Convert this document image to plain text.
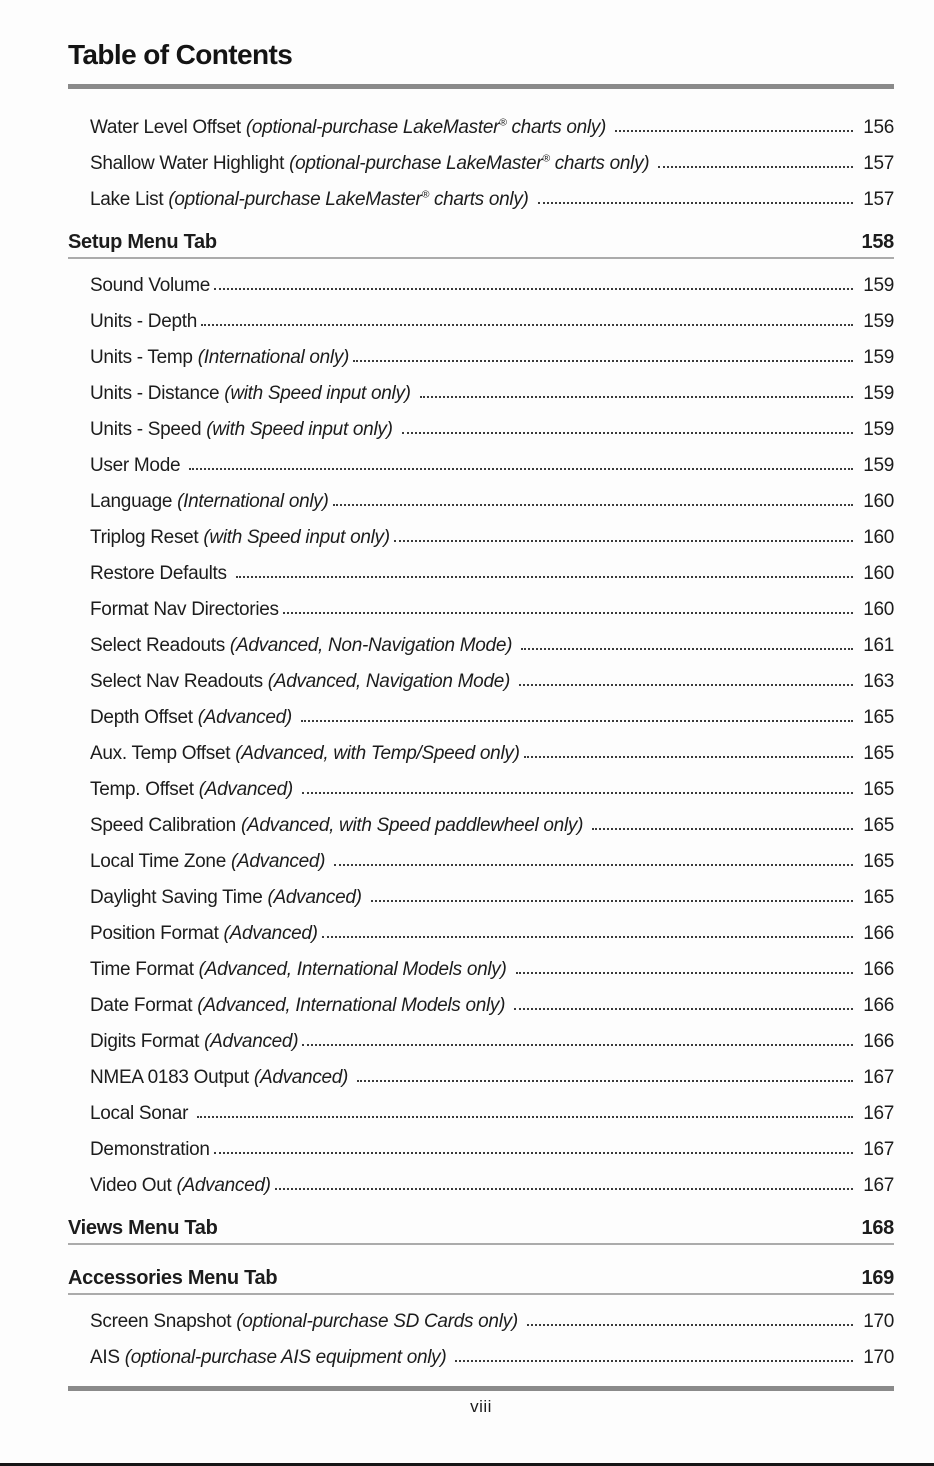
Table of Contents
Water Level Offset (optional-purchase LakeMaster® charts only)	156
Shallow Water Highlight (optional-purchase LakeMaster® charts only)	157
Lake List (optional-purchase LakeMaster® charts only)	157
Setup Menu Tab	158
Sound Volume	159
Units - Depth	159
Units - Temp (International only)	159
Units - Distance (with Speed input only)	159
Units - Speed (with Speed input only)	159
User Mode	159
Language (International only)	160
Triplog Reset (with Speed input only)	160
Restore Defaults	160
Format Nav Directories	160
Select Readouts (Advanced, Non-Navigation Mode)	161
Select Nav Readouts (Advanced, Navigation Mode)	163
Depth Offset (Advanced)	165
Aux. Temp Offset (Advanced, with Temp/Speed only)	165
Temp. Offset (Advanced)	165
Speed Calibration (Advanced, with Speed paddlewheel only)	165
Local Time Zone (Advanced)	165
Daylight Saving Time (Advanced)	165
Position Format (Advanced)	166
Time Format (Advanced, International Models only)	166
Date Format (Advanced, International Models only)	166
Digits Format (Advanced)	166
NMEA 0183 Output (Advanced)	167
Local Sonar	167
Demonstration	167
Video Out (Advanced)	167
Views Menu Tab	168
Accessories Menu Tab	169
Screen Snapshot (optional-purchase SD Cards only)	170
AIS (optional-purchase AIS equipment only)	170
viii
